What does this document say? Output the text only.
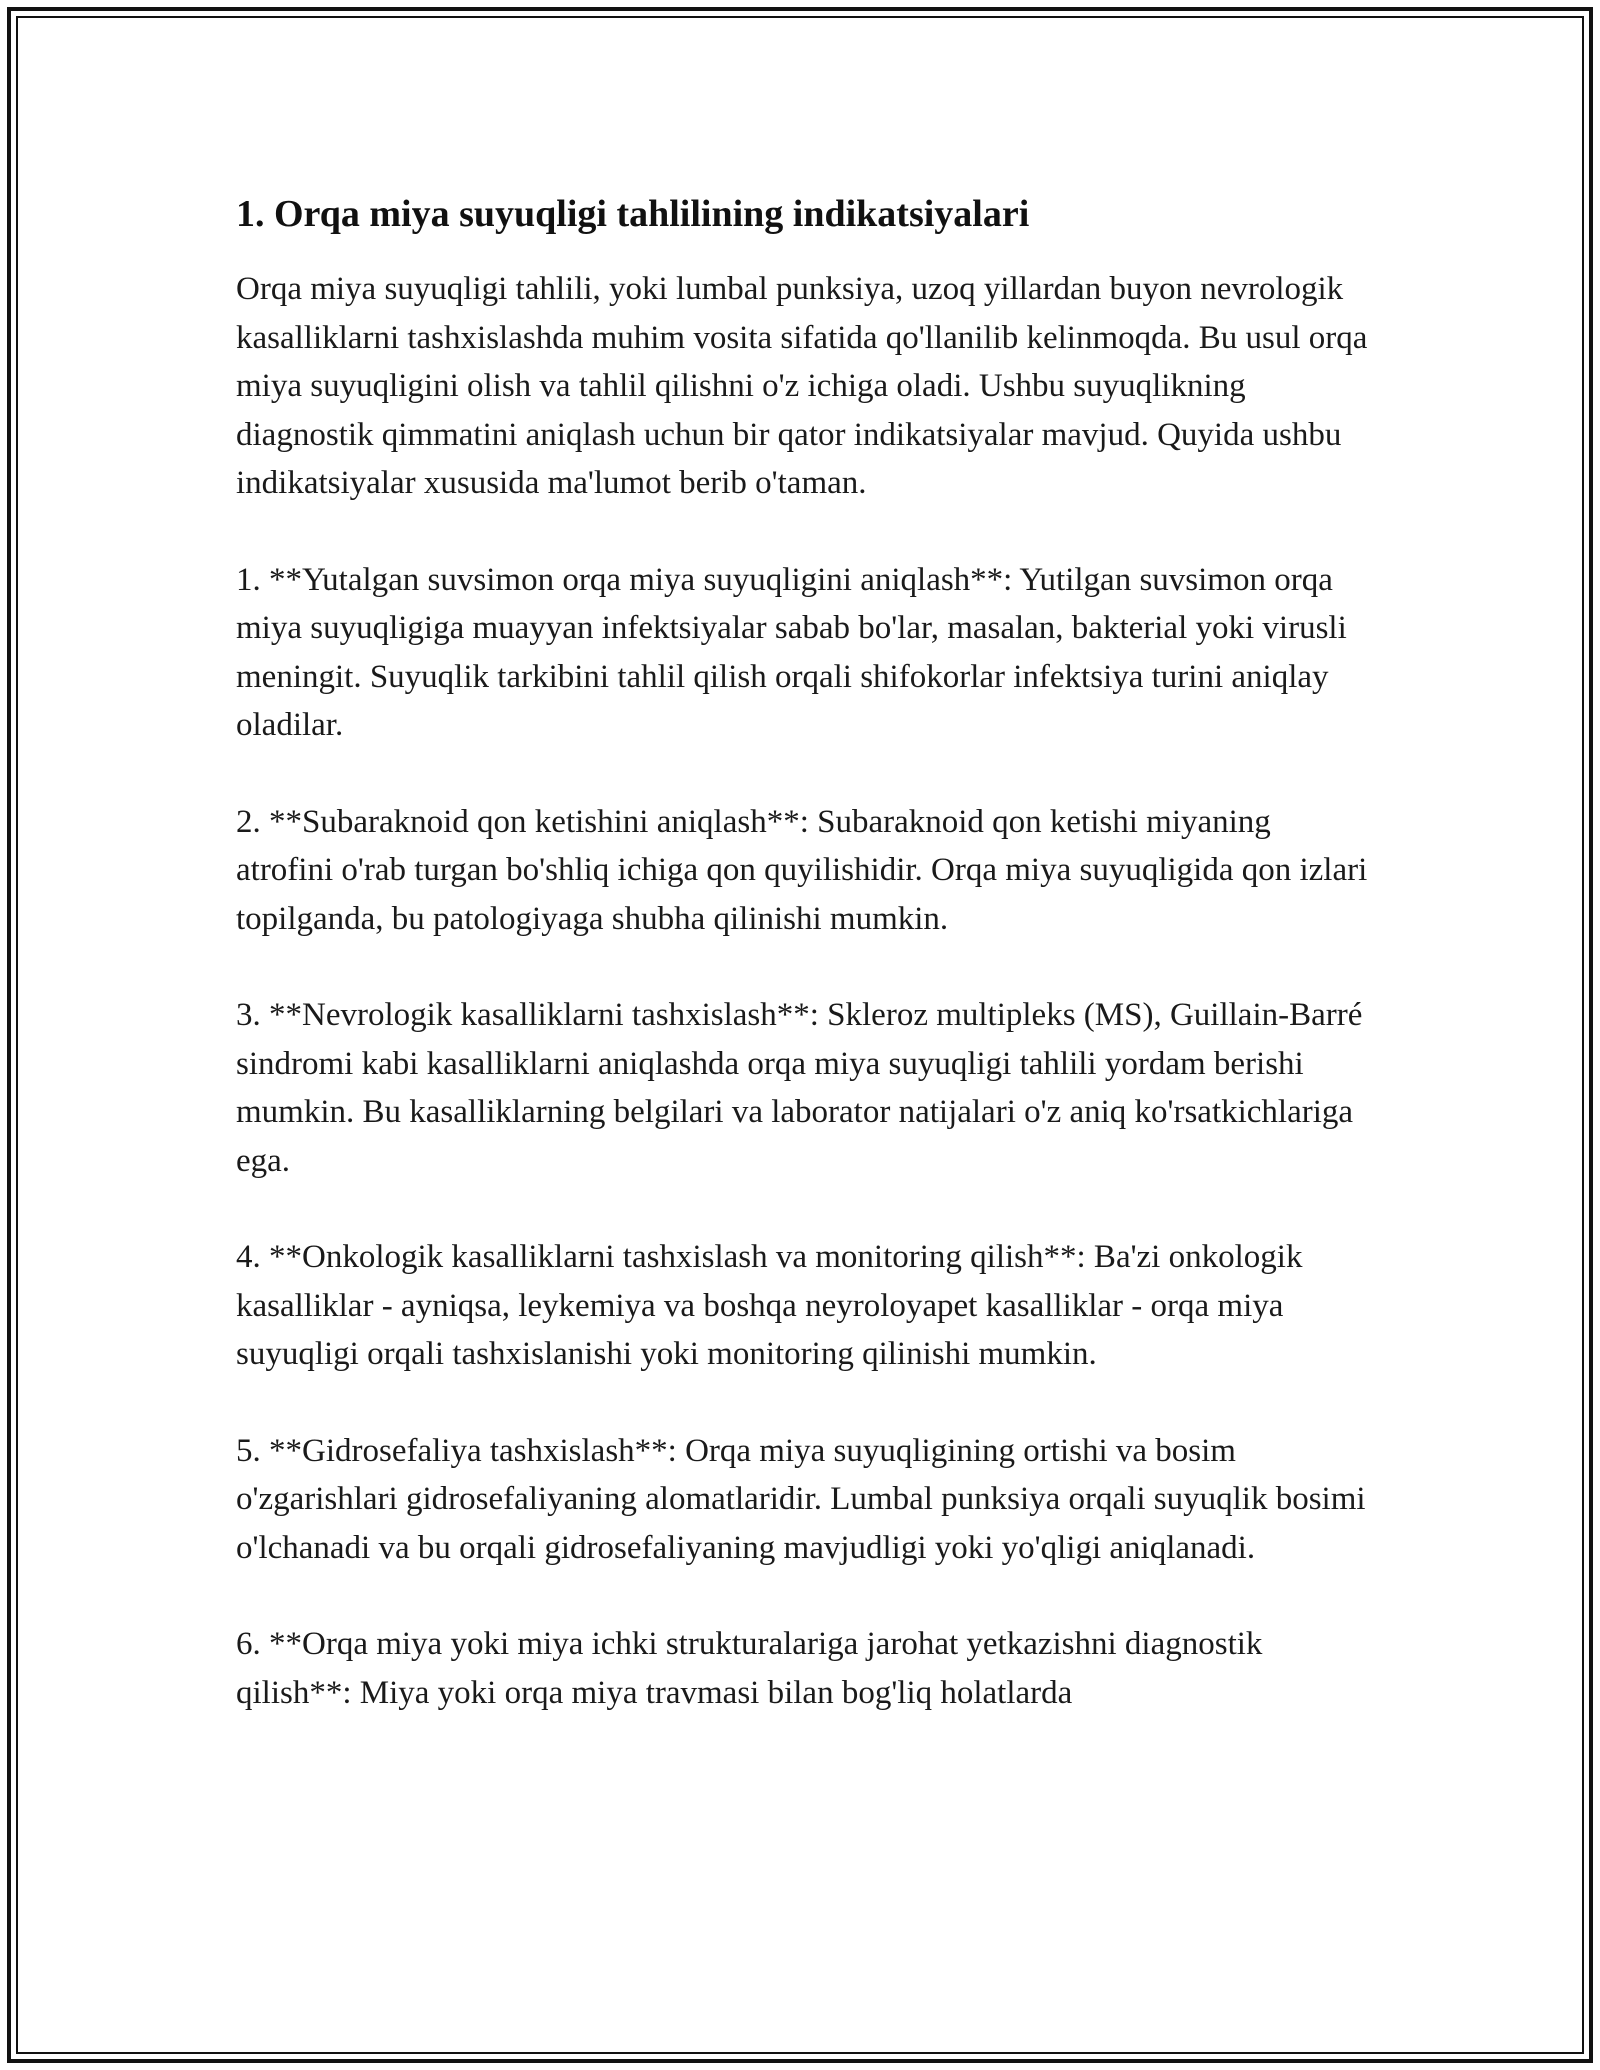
1. Orqa miya suyuqligi tahlilining indikatsiyalari

Orqa miya suyuqligi tahlili, yoki lumbal punksiya, uzoq yillardan buyon nevrologik kasalliklarni tashxislashda muhim vosita sifatida qo'llanilib kelinmoqda. Bu usul orqa miya suyuqligini olish va tahlil qilishni o'z ichiga oladi. Ushbu suyuqlikning diagnostik qimmatini aniqlash uchun bir qator indikatsiyalar mavjud. Quyida ushbu indikatsiyalar xususida ma'lumot berib o'taman.

1. **Yutalgan suvsimon orqa miya suyuqligini aniqlash**: Yutilgan suvsimon orqa miya suyuqligiga muayyan infektsiyalar sabab bo'lar, masalan, bakterial yoki virusli meningit. Suyuqlik tarkibini tahlil qilish orqali shifokorlar infektsiya turini aniqlay oladilar.

2. **Subaraknoid qon ketishini aniqlash**: Subaraknoid qon ketishi miyaning atrofini o'rab turgan bo'shliq ichiga qon quyilishidir. Orqa miya suyuqligida qon izlari topilganda, bu patologiyaga shubha qilinishi mumkin.

3. **Nevrologik kasalliklarni tashxislash**: Skleroz multipleks (MS), Guillain-Barré sindromi kabi kasalliklarni aniqlashda orqa miya suyuqligi tahlili yordam berishi mumkin. Bu kasalliklarning belgilari va laborator natijalari o'z aniq ko'rsatkichlariga ega.

4. **Onkologik kasalliklarni tashxislash va monitoring qilish**: Ba'zi onkologik kasalliklar - ayniqsa, leykemiya va boshqa neyroloyapet kasalliklar - orqa miya suyuqligi orqali tashxislanishi yoki monitoring qilinishi mumkin.

5. **Gidrosefaliya tashxislash**: Orqa miya suyuqligining ortishi va bosim o'zgarishlari gidrosefaliyaning alomatlaridir. Lumbal punksiya orqali suyuqlik bosimi o'lchanadi va bu orqali gidrosefaliyaning mavjudligi yoki yo'qligi aniqlanadi.

6. **Orqa miya yoki miya ichki strukturalariga jarohat yetkazishni diagnostik qilish**: Miya yoki orqa miya travmasi bilan bog'liq holatlarda
